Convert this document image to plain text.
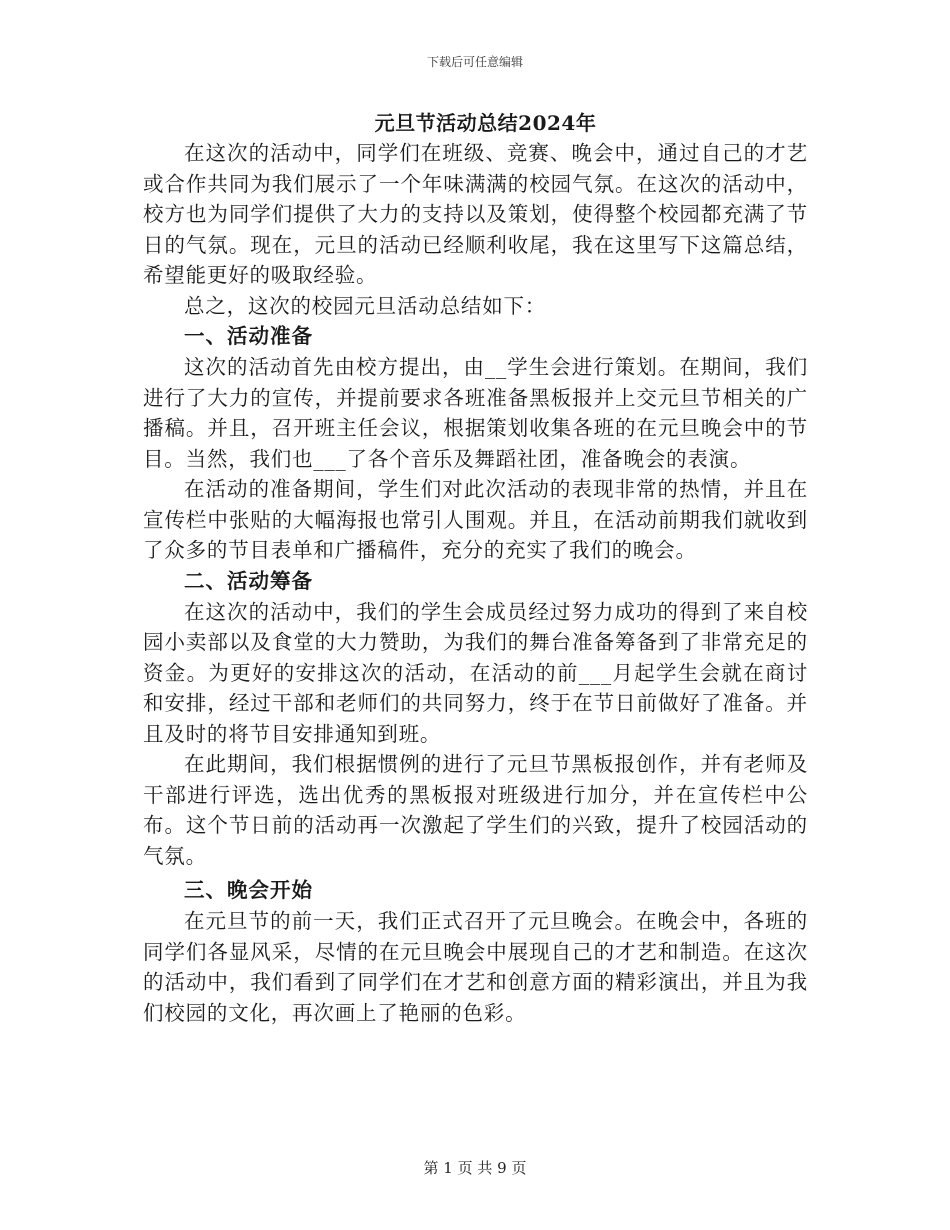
下载后可任意编辑
元旦节活动总结2024年

在这次的活动中，同学们在班级、竞赛、晚会中，通过自己的才艺或合作共同为我们展示了一个年味满满的校园气氛。在这次的活动中，校方也为同学们提供了大力的支持以及策划，使得整个校园都充满了节日的气氛。现在，元旦的活动已经顺利收尾，我在这里写下这篇总结，希望能更好的吸取经验。

总之，这次的校园元旦活动总结如下：

一、活动准备

这次的活动首先由校方提出，由__学生会进行策划。在期间，我们进行了大力的宣传，并提前要求各班准备黑板报并上交元旦节相关的广播稿。并且，召开班主任会议，根据策划收集各班的在元旦晚会中的节目。当然，我们也___了各个音乐及舞蹈社团，准备晚会的表演。

在活动的准备期间，学生们对此次活动的表现非常的热情，并且在宣传栏中张贴的大幅海报也常引人围观。并且，在活动前期我们就收到了众多的节目表单和广播稿件，充分的充实了我们的晚会。

二、活动筹备

在这次的活动中，我们的学生会成员经过努力成功的得到了来自校园小卖部以及食堂的大力赞助，为我们的舞台准备筹备到了非常充足的资金。为更好的安排这次的活动，在活动的前___月起学生会就在商讨和安排，经过干部和老师们的共同努力，终于在节日前做好了准备。并且及时的将节目安排通知到班。

在此期间，我们根据惯例的进行了元旦节黑板报创作，并有老师及干部进行评选，选出优秀的黑板报对班级进行加分，并在宣传栏中公布。这个节日前的活动再一次激起了学生们的兴致，提升了校园活动的气氛。

三、晚会开始

在元旦节的前一天，我们正式召开了元旦晚会。在晚会中，各班的同学们各显风采，尽情的在元旦晚会中展现自己的才艺和制造。在这次的活动中，我们看到了同学们在才艺和创意方面的精彩演出，并且为我们校园的文化，再次画上了艳丽的色彩。

第 1 页 共 9 页
